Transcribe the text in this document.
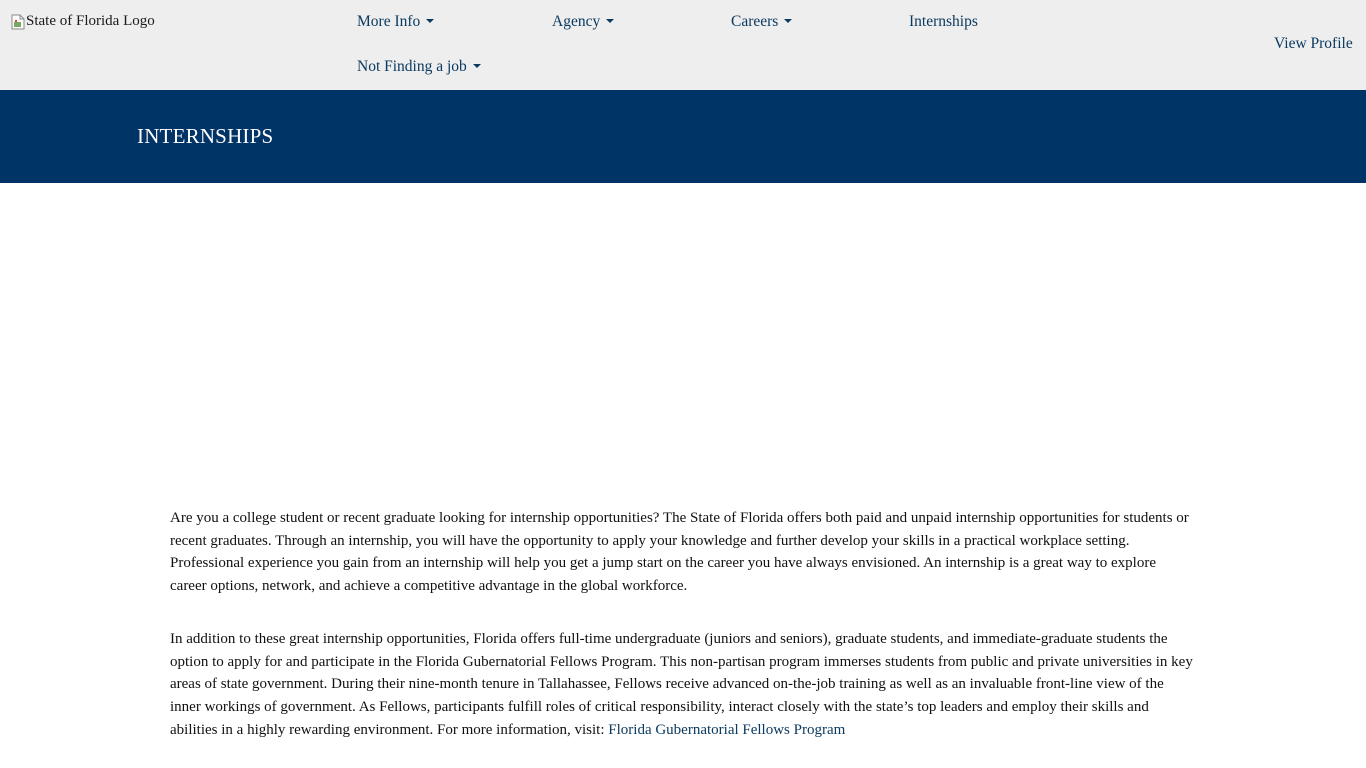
State of Florida Logo	More Info	Agency	Careers	Internships
Not Finding a job
View Profile
INTERNSHIPS

Are you a college student or recent graduate looking for internship opportunities? The State of Florida offers both paid and unpaid internship opportunities for students or recent graduates. Through an internship, you will have the opportunity to apply your knowledge and further develop your skills in a practical workplace setting. Professional experience you gain from an internship will help you get a jump start on the career you have always envisioned. An internship is a great way to explore career options, network, and achieve a competitive advantage in the global workforce.

In addition to these great internship opportunities, Florida offers full-time undergraduate (juniors and seniors), graduate students, and immediate-graduate students the option to apply for and participate in the Florida Gubernatorial Fellows Program. This non-partisan program immerses students from public and private universities in key areas of state government. During their nine-month tenure in Tallahassee, Fellows receive advanced on-the-job training as well as an invaluable front-line view of the inner workings of government. As Fellows, participants fulfill roles of critical responsibility, interact closely with the state’s top leaders and employ their skills and abilities in a highly rewarding environment. For more information, visit: Florida Gubernatorial Fellows Program
